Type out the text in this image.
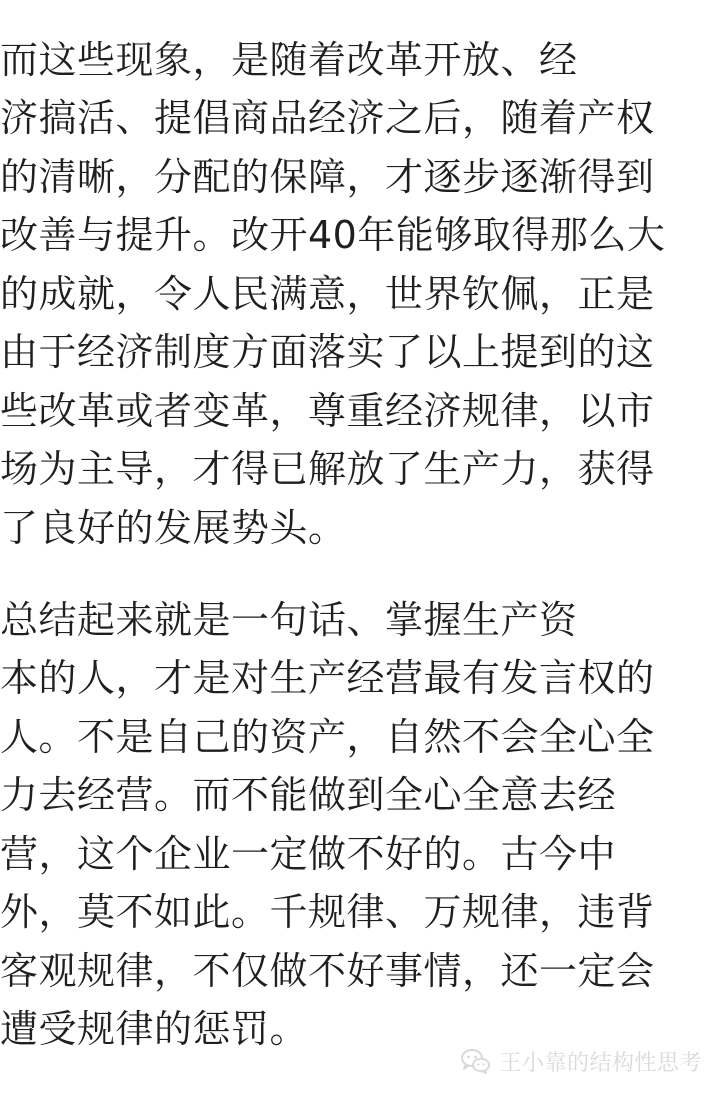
而这些现象，是随着改革开放、经
济搞活、提倡商品经济之后，随着产权
的清晰，分配的保障，才逐步逐渐得到
改善与提升。改开40年能够取得那么大
的成就，令人民满意，世界钦佩，正是
由于经济制度方面落实了以上提到的这
些改革或者变革，尊重经济规律，以市
场为主导，才得已解放了生产力，获得
了良好的发展势头。
总结起来就是一句话、掌握生产资
本的人，才是对生产经营最有发言权的
人。不是自己的资产，自然不会全心全
力去经营。而不能做到全心全意去经
营，这个企业一定做不好的。古今中
外，莫不如此。千规律、万规律，违背
客观规律，不仅做不好事情，还一定会
遭受规律的惩罚。
王小靠的结构性思考
